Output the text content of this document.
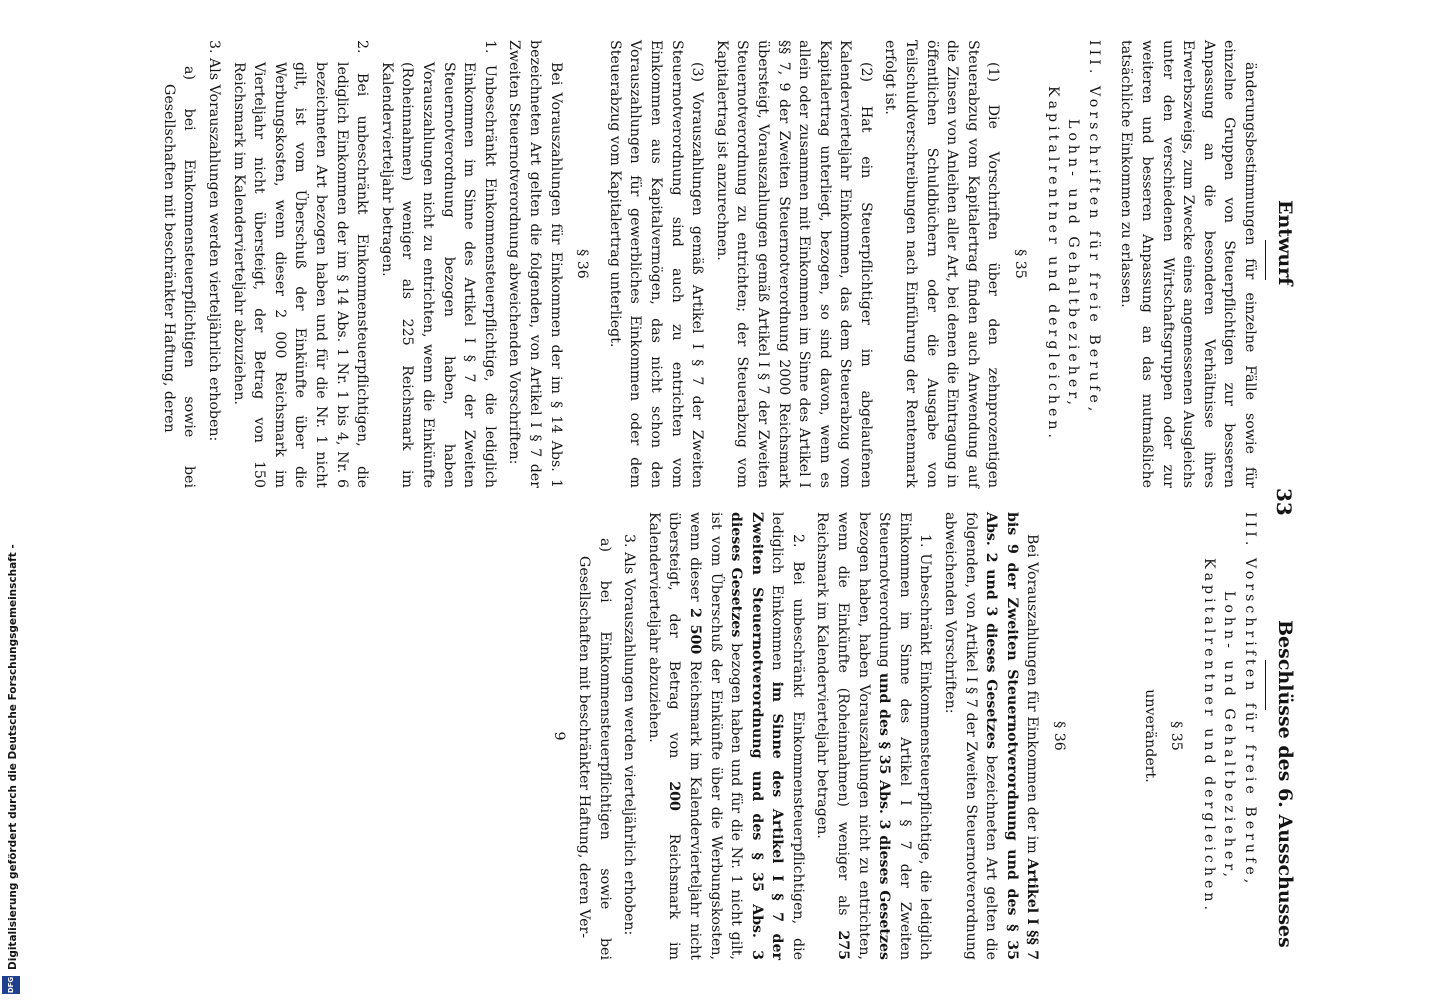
Entwurf
33
Beschlüsse des 6. Ausschusses

änderungsbestimmungen für einzelne Fälle sowie für einzelne Gruppen von Steuerpflichtigen zur besseren Anpassung an die besonderen Verhältnisse ihres Erwerbszweigs, zum Zwecke eines angemessenen Ausgleichs unter den verschiedenen Wirtschaftsgruppen oder zur weiteren und besseren Anpassung an das mutmaßliche tatsächliche Einkommen zu erlassen.

III. Vorschriften für freie Berufe,
Lohn- und Gehaltbezieher, Kapitalrentner und dergleichen.

§ 35

(1) Die Vorschriften über den zehnprozentigen Steuerabzug vom Kapitalertrag finden auch Anwendung auf die Zinsen von Anleihen aller Art, bei denen die Eintragung in öffentlichen Schuldbüchern oder die Ausgabe von Teilschuldverschreibungen nach Einführung der Rentenmark erfolgt ist.

(2) Hat ein Steuerpflichtiger im abgelaufenen Kalendervierteljahr Einkommen, das dem Steuerabzug vom Kapitalertrag unterliegt, bezogen, so sind davon, wenn es allein oder zusammen mit Einkommen im Sinne des Artikel I §§ 7, 9 der Zweiten Steuernotverordnung 2000 Reichsmark übersteigt, Vorauszahlungen gemäß Artikel I § 7 der Zweiten Steuernotverordnung zu entrichten; der Steuerabzug vom Kapitalertrag ist anzurechnen.

(3) Vorauszahlungen gemäß Artikel I § 7 der Zweiten Steuernotverordnung sind auch zu entrichten vom Einkommen aus Kapitalvermögen, das nicht schon den Vorauszahlungen für gewerbliches Einkommen oder dem Steuerabzug vom Kapitalertrag unterliegt.

§ 36

Bei Vorauszahlungen für Einkommen der im § 14 Abs. 1 bezeichneten Art gelten die folgenden, von Artikel I § 7 der Zweiten Steuernotverordnung abweichenden Vorschriften:

1. Unbeschränkt Einkommensteuerpflichtige, die lediglich Einkommen im Sinne des Artikel I § 7 der Zweiten Steuernotverordnung bezogen haben, haben Vorauszahlungen nicht zu entrichten, wenn die Einkünfte (Roheinnahmen) weniger als 225 Reichsmark im Kalendervierteljahr betragen.

2. Bei unbeschränkt Einkommensteuerpflichtigen, die lediglich Einkommen der im § 14 Abs. 1 Nr. 1 bis 4, Nr. 6 bezeichneten Art bezogen haben und für die Nr. 1 nicht gilt, ist vom Überschuß der Einkünfte über die Werbungskosten, wenn dieser 2 000 Reichsmark im Vierteljahr nicht übersteigt, der Betrag von 150 Reichsmark im Kalendervierteljahr abzuziehen.

3. Als Vorauszahlungen werden vierteljährlich erhoben:

a) bei Einkommensteuerpflichtigen sowie bei Gesellschaften mit beschränkter Haftung, deren

III. Vorschriften für freie Berufe,
Lohn- und Gehaltbezieher, Kapitalrentner und dergleichen.

§ 35

unverändert.

§ 36

Bei Vorauszahlungen für Einkommen der im Artikel I §§ 7 bis 9 der Zweiten Steuernotverordnung und des § 35 Abs. 2 und 3 dieses Gesetzes bezeichneten Art gelten die folgenden, von Artikel I § 7 der Zweiten Steuernotverordnung abweichenden Vorschriften:

1. Unbeschränkt Einkommensteuerpflichtige, die lediglich Einkommen im Sinne des Artikel I § 7 der Zweiten Steuernotverordnung und des § 35 Abs. 3 dieses Gesetzes bezogen haben, haben Vorauszahlungen nicht zu entrichten, wenn die Einkünfte (Roheinnahmen) weniger als 275 Reichsmark im Kalendervierteljahr betragen.

2. Bei unbeschränkt Einkommensteuerpflichtigen, die lediglich Einkommen im Sinne des Artikel I § 7 der Zweiten Steuernotverordnung und des § 35 Abs. 3 dieses Gesetzes bezogen haben und für die Nr. 1 nicht gilt, ist vom Überschuß der Einkünfte über die Werbungskosten, wenn dieser 2 500 Reichsmark im Kalendervierteljahr nicht übersteigt, der Betrag von 200 Reichsmark im Kalendervierteljahr abzuziehen.

3. Als Vorauszahlungen werden vierteljährlich erhoben:

a) bei Einkommensteuerpflichtigen sowie bei Gesellschaften mit beschränkter Haftung, deren Ver-

9

Digitalisierung gefördert durch die Deutsche Forschungsgemeinschaft -
DFG
